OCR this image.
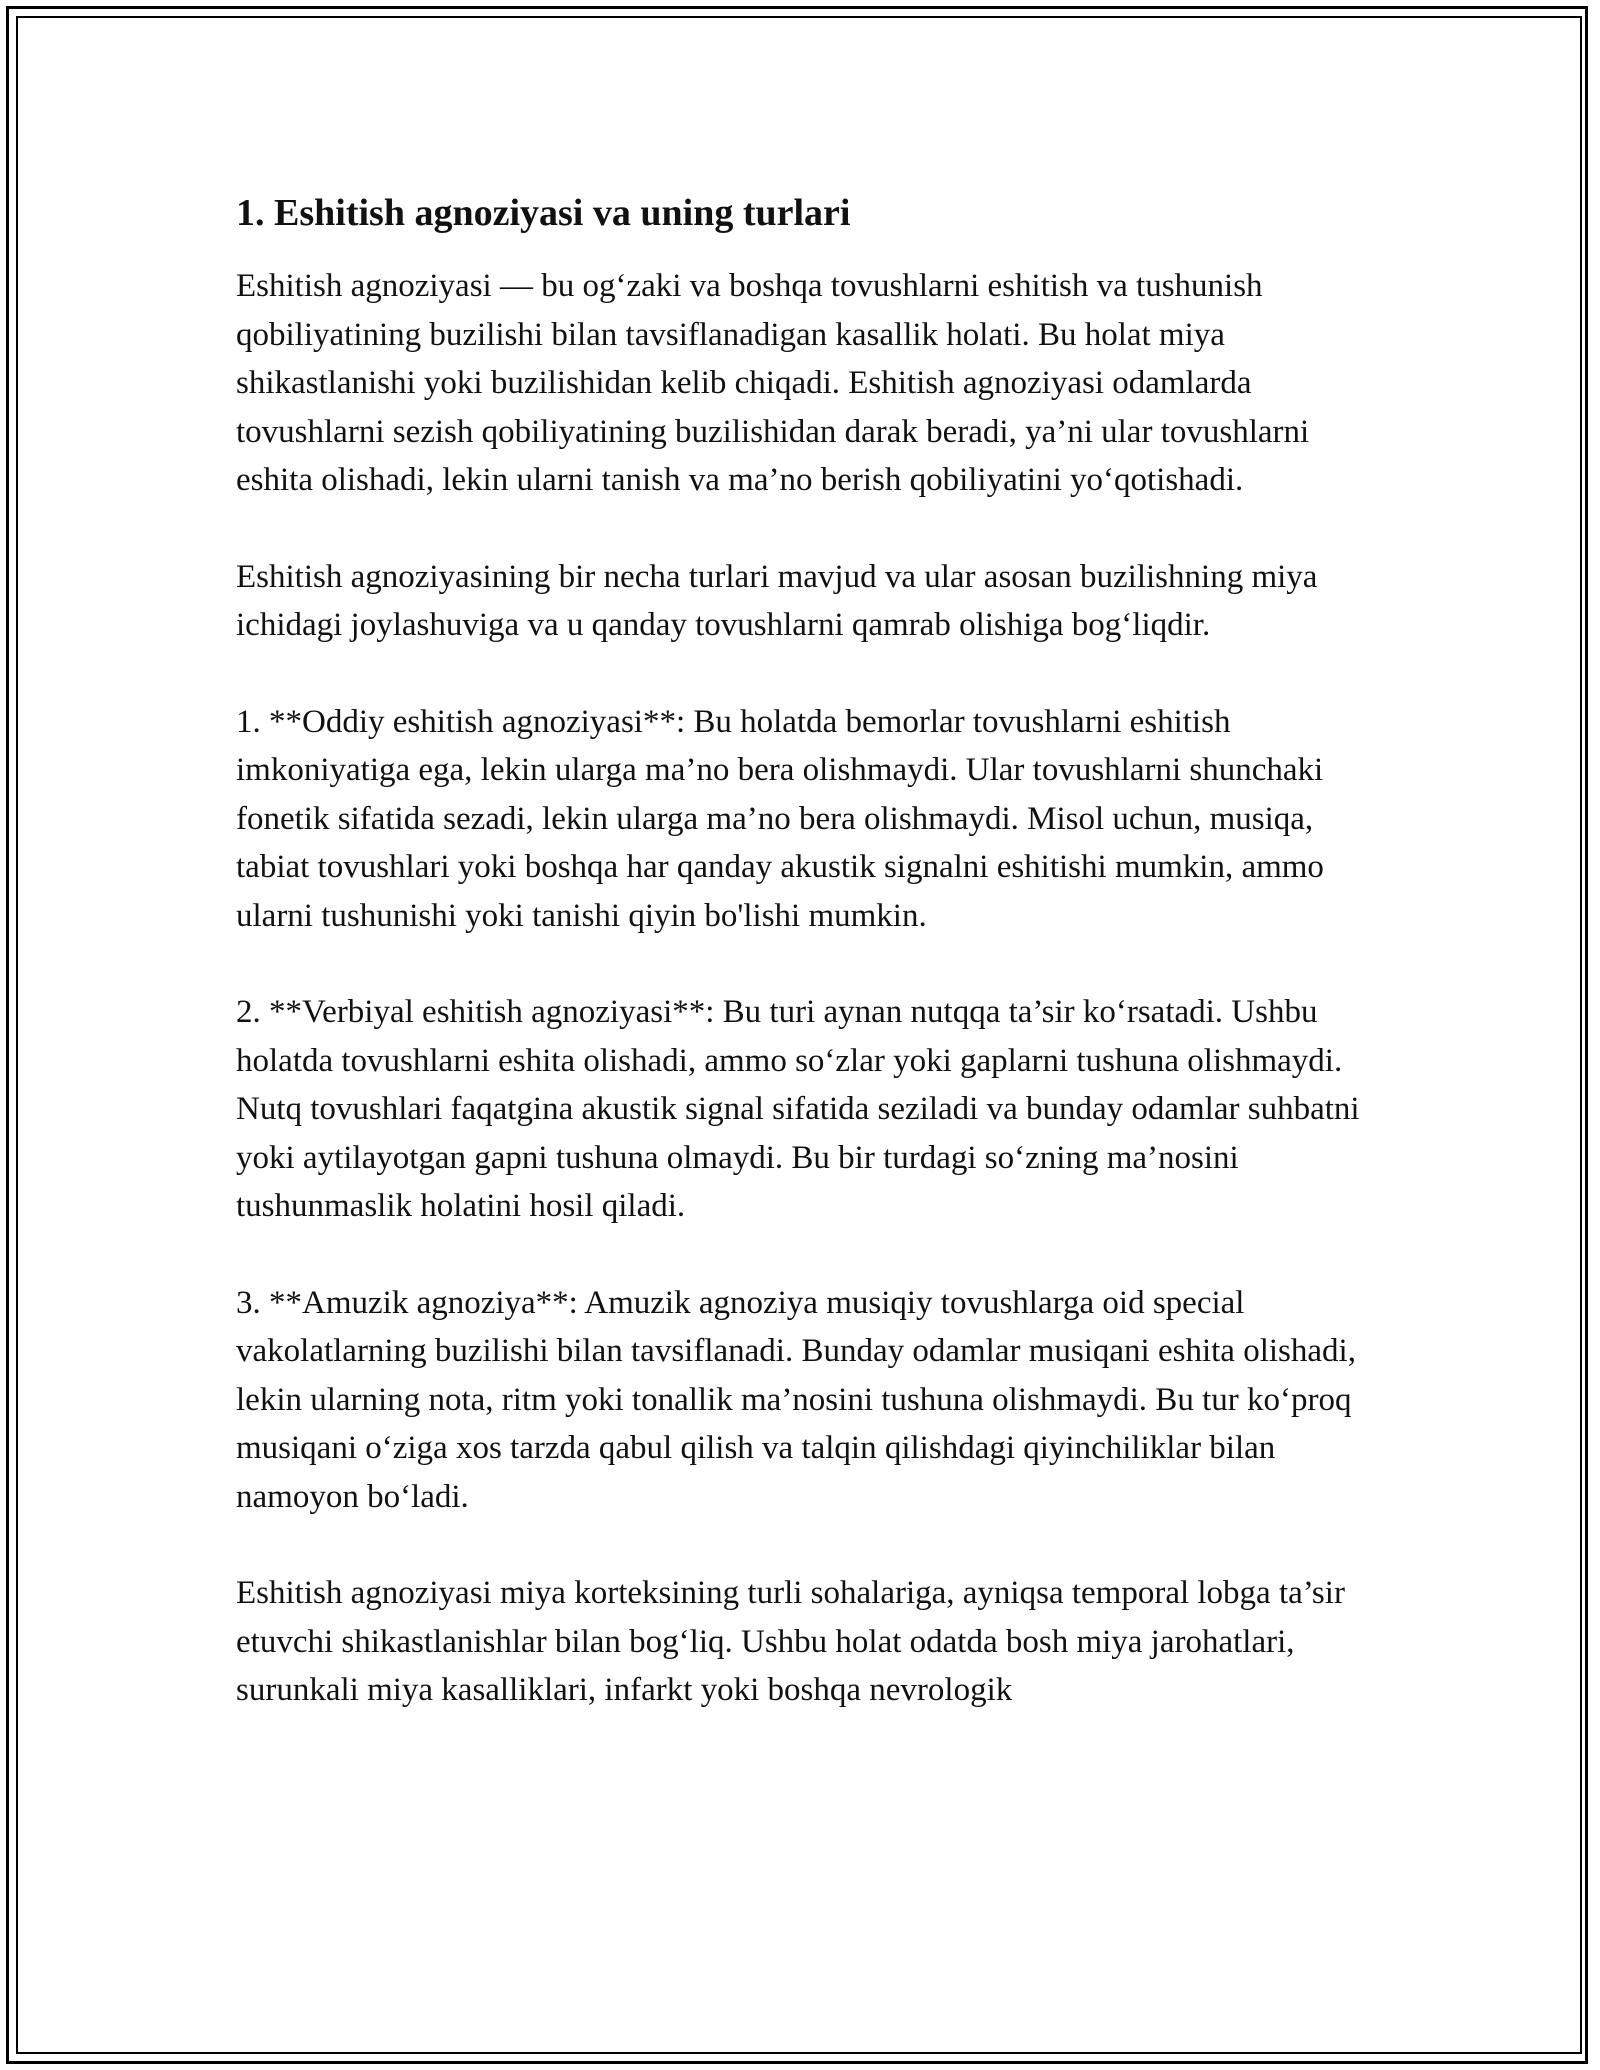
1. Eshitish agnoziyasi va uning turlari

Eshitish agnoziyasi — bu og‘zaki va boshqa tovushlarni eshitish va tushunish qobiliyatining buzilishi bilan tavsiflanadigan kasallik holati. Bu holat miya shikastlanishi yoki buzilishidan kelib chiqadi. Eshitish agnoziyasi odamlarda tovushlarni sezish qobiliyatining buzilishidan darak beradi, ya’ni ular tovushlarni eshita olishadi, lekin ularni tanish va ma’no berish qobiliyatini yo‘qotishadi.

Eshitish agnoziyasining bir necha turlari mavjud va ular asosan buzilishning miya ichidagi joylashuviga va u qanday tovushlarni qamrab olishiga bog‘liqdir.

1. **Oddiy eshitish agnoziyasi**: Bu holatda bemorlar tovushlarni eshitish imkoniyatiga ega, lekin ularga ma’no bera olishmaydi. Ular tovushlarni shunchaki fonetik sifatida sezadi, lekin ularga ma’no bera olishmaydi. Misol uchun, musiqa, tabiat tovushlari yoki boshqa har qanday akustik signalni eshitishi mumkin, ammo ularni tushunishi yoki tanishi qiyin bo'lishi mumkin.

2. **Verbiyal eshitish agnoziyasi**: Bu turi aynan nutqqa ta’sir ko‘rsatadi. Ushbu holatda tovushlarni eshita olishadi, ammo so‘zlar yoki gaplarni tushuna olishmaydi. Nutq tovushlari faqatgina akustik signal sifatida seziladi va bunday odamlar suhbatni yoki aytilayotgan gapni tushuna olmaydi. Bu bir turdagi so‘zning ma’nosini tushunmaslik holatini hosil qiladi.

3. **Amuzik agnoziya**: Amuzik agnoziya musiqiy tovushlarga oid special vakolatlarning buzilishi bilan tavsiflanadi. Bunday odamlar musiqani eshita olishadi, lekin ularning nota, ritm yoki tonallik ma’nosini tushuna olishmaydi. Bu tur ko‘proq musiqani o‘ziga xos tarzda qabul qilish va talqin qilishdagi qiyinchiliklar bilan namoyon bo‘ladi.

Eshitish agnoziyasi miya korteksining turli sohalariga, ayniqsa temporal lobga ta’sir etuvchi shikastlanishlar bilan bog‘liq. Ushbu holat odatda bosh miya jarohatlari, surunkali miya kasalliklari, infarkt yoki boshqa nevrologik
